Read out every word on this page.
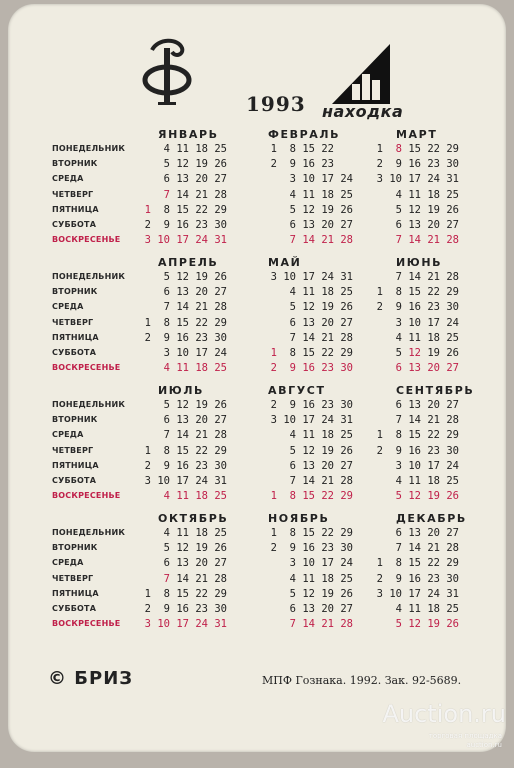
1993 находка
© БРИЗ	МПФ Гознака. 1992. Зак. 92-5689.
ПОНЕДЕЛЬНИК
ВТОРНИК
СРЕДА
ЧЕТВЕРГ
ПЯТНИЦА
СУББОТА
ВОСКРЕСЕНЬЕ
ЯНВАРЬ
4 11 18 25
5 12 19 26
6 13 20 27
7 14 21 28
1 8 15 22 29
2 9 16 23 30
3 10 17 24 31
ФЕВРАЛЬ
1 8 15 22
2 9 16 23
3 10 17 24
4 11 18 25
5 12 19 26
6 13 20 27
7 14 21 28
МАРТ
1 8 15 22 29
2 9 16 23 30
3 10 17 24 31
4 11 18 25
5 12 19 26
6 13 20 27
7 14 21 28
ПОНЕДЕЛЬНИК
ВТОРНИК
СРЕДА
ЧЕТВЕРГ
ПЯТНИЦА
СУББОТА
ВОСКРЕСЕНЬЕ
АПРЕЛЬ
5 12 19 26
6 13 20 27
7 14 21 28
1 8 15 22 29
2 9 16 23 30
3 10 17 24
4 11 18 25
МАЙ
3 10 17 24 31
4 11 18 25
5 12 19 26
6 13 20 27
7 14 21 28
1 8 15 22 29
2 9 16 23 30
ИЮНЬ
7 14 21 28
1 8 15 22 29
2 9 16 23 30
3 10 17 24
4 11 18 25
5 12 19 26
6 13 20 27
ПОНЕДЕЛЬНИК
ВТОРНИК
СРЕДА
ЧЕТВЕРГ
ПЯТНИЦА
СУББОТА
ВОСКРЕСЕНЬЕ
ИЮЛЬ
5 12 19 26
6 13 20 27
7 14 21 28
1 8 15 22 29
2 9 16 23 30
3 10 17 24 31
4 11 18 25
АВГУСТ
2 9 16 23 30
3 10 17 24 31
4 11 18 25
5 12 19 26
6 13 20 27
7 14 21 28
1 8 15 22 29
СЕНТЯБРЬ
6 13 20 27
7 14 21 28
1 8 15 22 29
2 9 16 23 30
3 10 17 24
4 11 18 25
5 12 19 26
ПОНЕДЕЛЬНИК
ВТОРНИК
СРЕДА
ЧЕТВЕРГ
ПЯТНИЦА
СУББОТА
ВОСКРЕСЕНЬЕ
ОКТЯБРЬ
4 11 18 25
5 12 19 26
6 13 20 27
7 14 21 28
1 8 15 22 29
2 9 16 23 30
3 10 17 24 31
НОЯБРЬ
1 8 15 22 29
2 9 16 23 30
3 10 17 24
4 11 18 25
5 12 19 26
6 13 20 27
7 14 21 28
ДЕКАБРЬ
6 13 20 27
7 14 21 28
1 8 15 22 29
2 9 16 23 30
3 10 17 24 31
4 11 18 25
5 12 19 26
Auction.ru
торговая площадка
auction.ru
